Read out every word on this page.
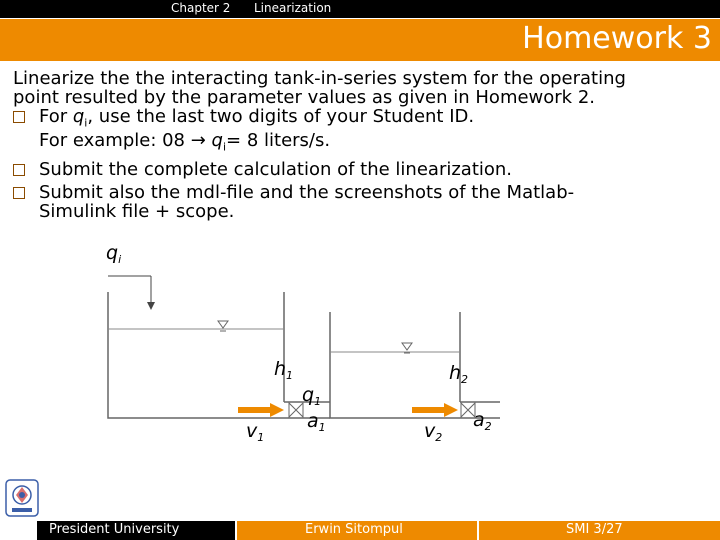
Chapter 2 Linearization
Homework 3

Linearize the the interacting tank-in-series system for the operating
point resulted by the parameter values as given in Homework 2.

For $q_i$, use the last two digits of your Student ID.
For example: $08 \to q_i= 8$ liters/s.
Submit the complete calculation of the linearization.
Submit also the mdl-file and the screenshots of the Matlab-
Simulink file + scope.
$q_i$
$h_1$	$h_2$
$q_1$
$a_1$
$v_1$	$v_2$
$a_2$
President University	Erwin Sitompul	SMI 3/27
